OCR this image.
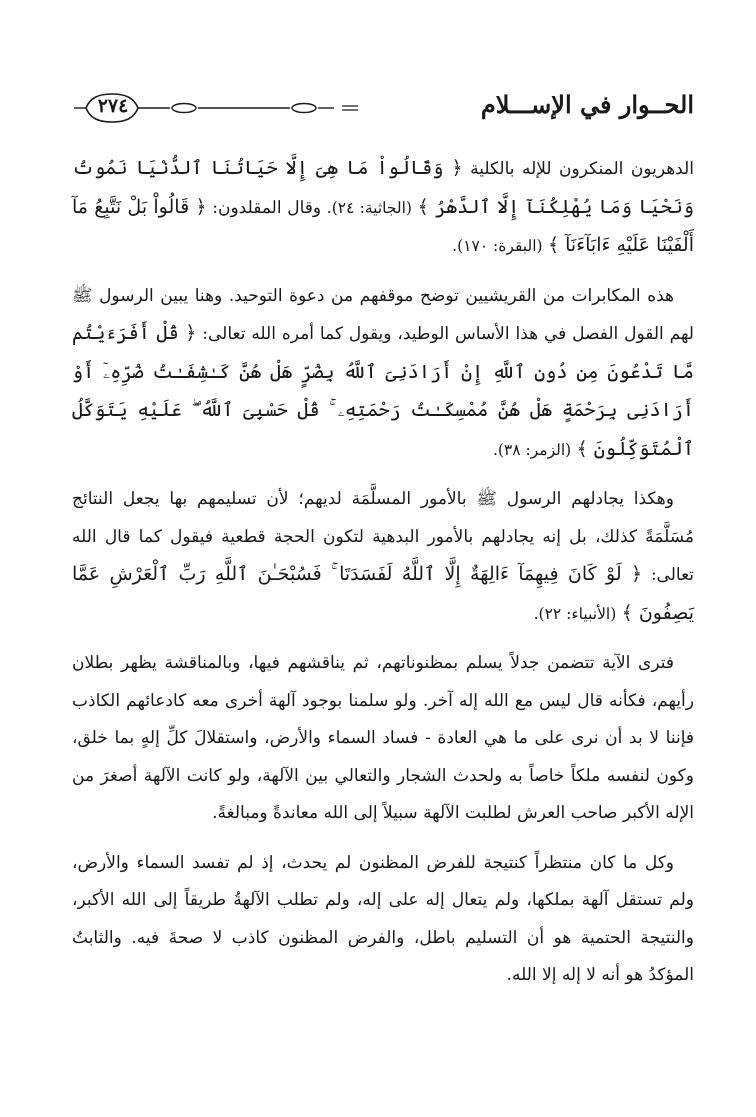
٢٧٤	الحــوار في الإســـلام

الدهريون المنكرون للإله بالكلية ﴿ وَقَالُواْ مَا هِىَ إِلَّا حَيَاتُنَا ٱلدُّنْيَا نَمُوتُ وَنَحْيَا وَمَا يُهْلِكُنَآ إِلَّا ٱلدَّهْرُ ﴾ (الجاثية: ٢٤). وقال المقلدون: ﴿ قَالُواْ بَلْ نَتَّبِعُ مَآ أَلْفَيْنَا عَلَيْهِ ءَابَآءَنَآ ﴾ (البقرة: ١٧٠).

هذه المكابرات من القريشيين توضح موقفهم من دعوة التوحيد. وهنا يبين الرسول ﷺ لهم القول الفصل في هذا الأساس الوطيد، ويقول كما أمره الله تعالى: ﴿ قُلْ أَفَرَءَيْتُم مَّا تَدْعُونَ مِن دُونِ ٱللَّهِ إِنْ أَرَادَنِىَ ٱللَّهُ بِضُرٍّ هَلْ هُنَّ كَـٰشِفَـٰتُ ضُرِّهِۦٓ أَوْ أَرَادَنِى بِرَحْمَةٍ هَلْ هُنَّ مُمْسِكَـٰتُ رَحْمَتِهِۦ ۚ قُلْ حَسْبِىَ ٱللَّهُ ۖ عَلَيْهِ يَتَوَكَّلُ ٱلْمُتَوَكِّلُونَ ﴾ (الزمر: ٣٨).

وهكذا يجادلهم الرسول ﷺ بالأمور المسلَّمَة لديهم؛ لأن تسليمهم بها يجعل النتائج مُسَلَّمَةً كذلك، بل إنه يجادلهم بالأمور البدهية لتكون الحجة قطعية فيقول كما قال الله تعالى: ﴿ لَوْ كَانَ فِيهِمَآ ءَالِهَةٌ إِلَّا ٱللَّهُ لَفَسَدَتَا ۚ فَسُبْحَـٰنَ ٱللَّهِ رَبِّ ٱلْعَرْشِ عَمَّا يَصِفُونَ ﴾ (الأنبياء: ٢٢).

فترى الآية تتضمن جدلاً يسلم بمظنوناتهم، ثم يناقشهم فيها، وبالمناقشة يظهر بطلان رأيهم، فكأنه قال ليس مع الله إله آخر. ولو سلمنا بوجود آلهة أخرى معه كادعائهم الكاذب فإننا لا بد أن نرى على ما هي العادة - فساد السماء والأرض، واستقلالَ كلِّ إلهٍ بما خلق، وكون لنفسه ملكاً خاصاً به ولحدث الشجار والتعالي بين الآلهة، ولو كانت الآلهة أصغرَ من الإله الأكبر صاحب العرش لطلبت الآلهة سبيلاً إلى الله معاندةً ومبالغةً.

وكل ما كان منتظراً كنتيجة للفرض المظنون لم يحدث، إذ لم تفسد السماء والأرض، ولم تستقل آلهة بملكها، ولم يتعال إله على إله، ولم تطلب الآلهةُ طريقاً إلى الله الأكبر، والنتيجة الحتمية هو أن التسليم باطل، والفرض المظنون كاذب لا صحةَ فيه. والثابتُ المؤكدُ هو أنه لا إله إلا الله.
